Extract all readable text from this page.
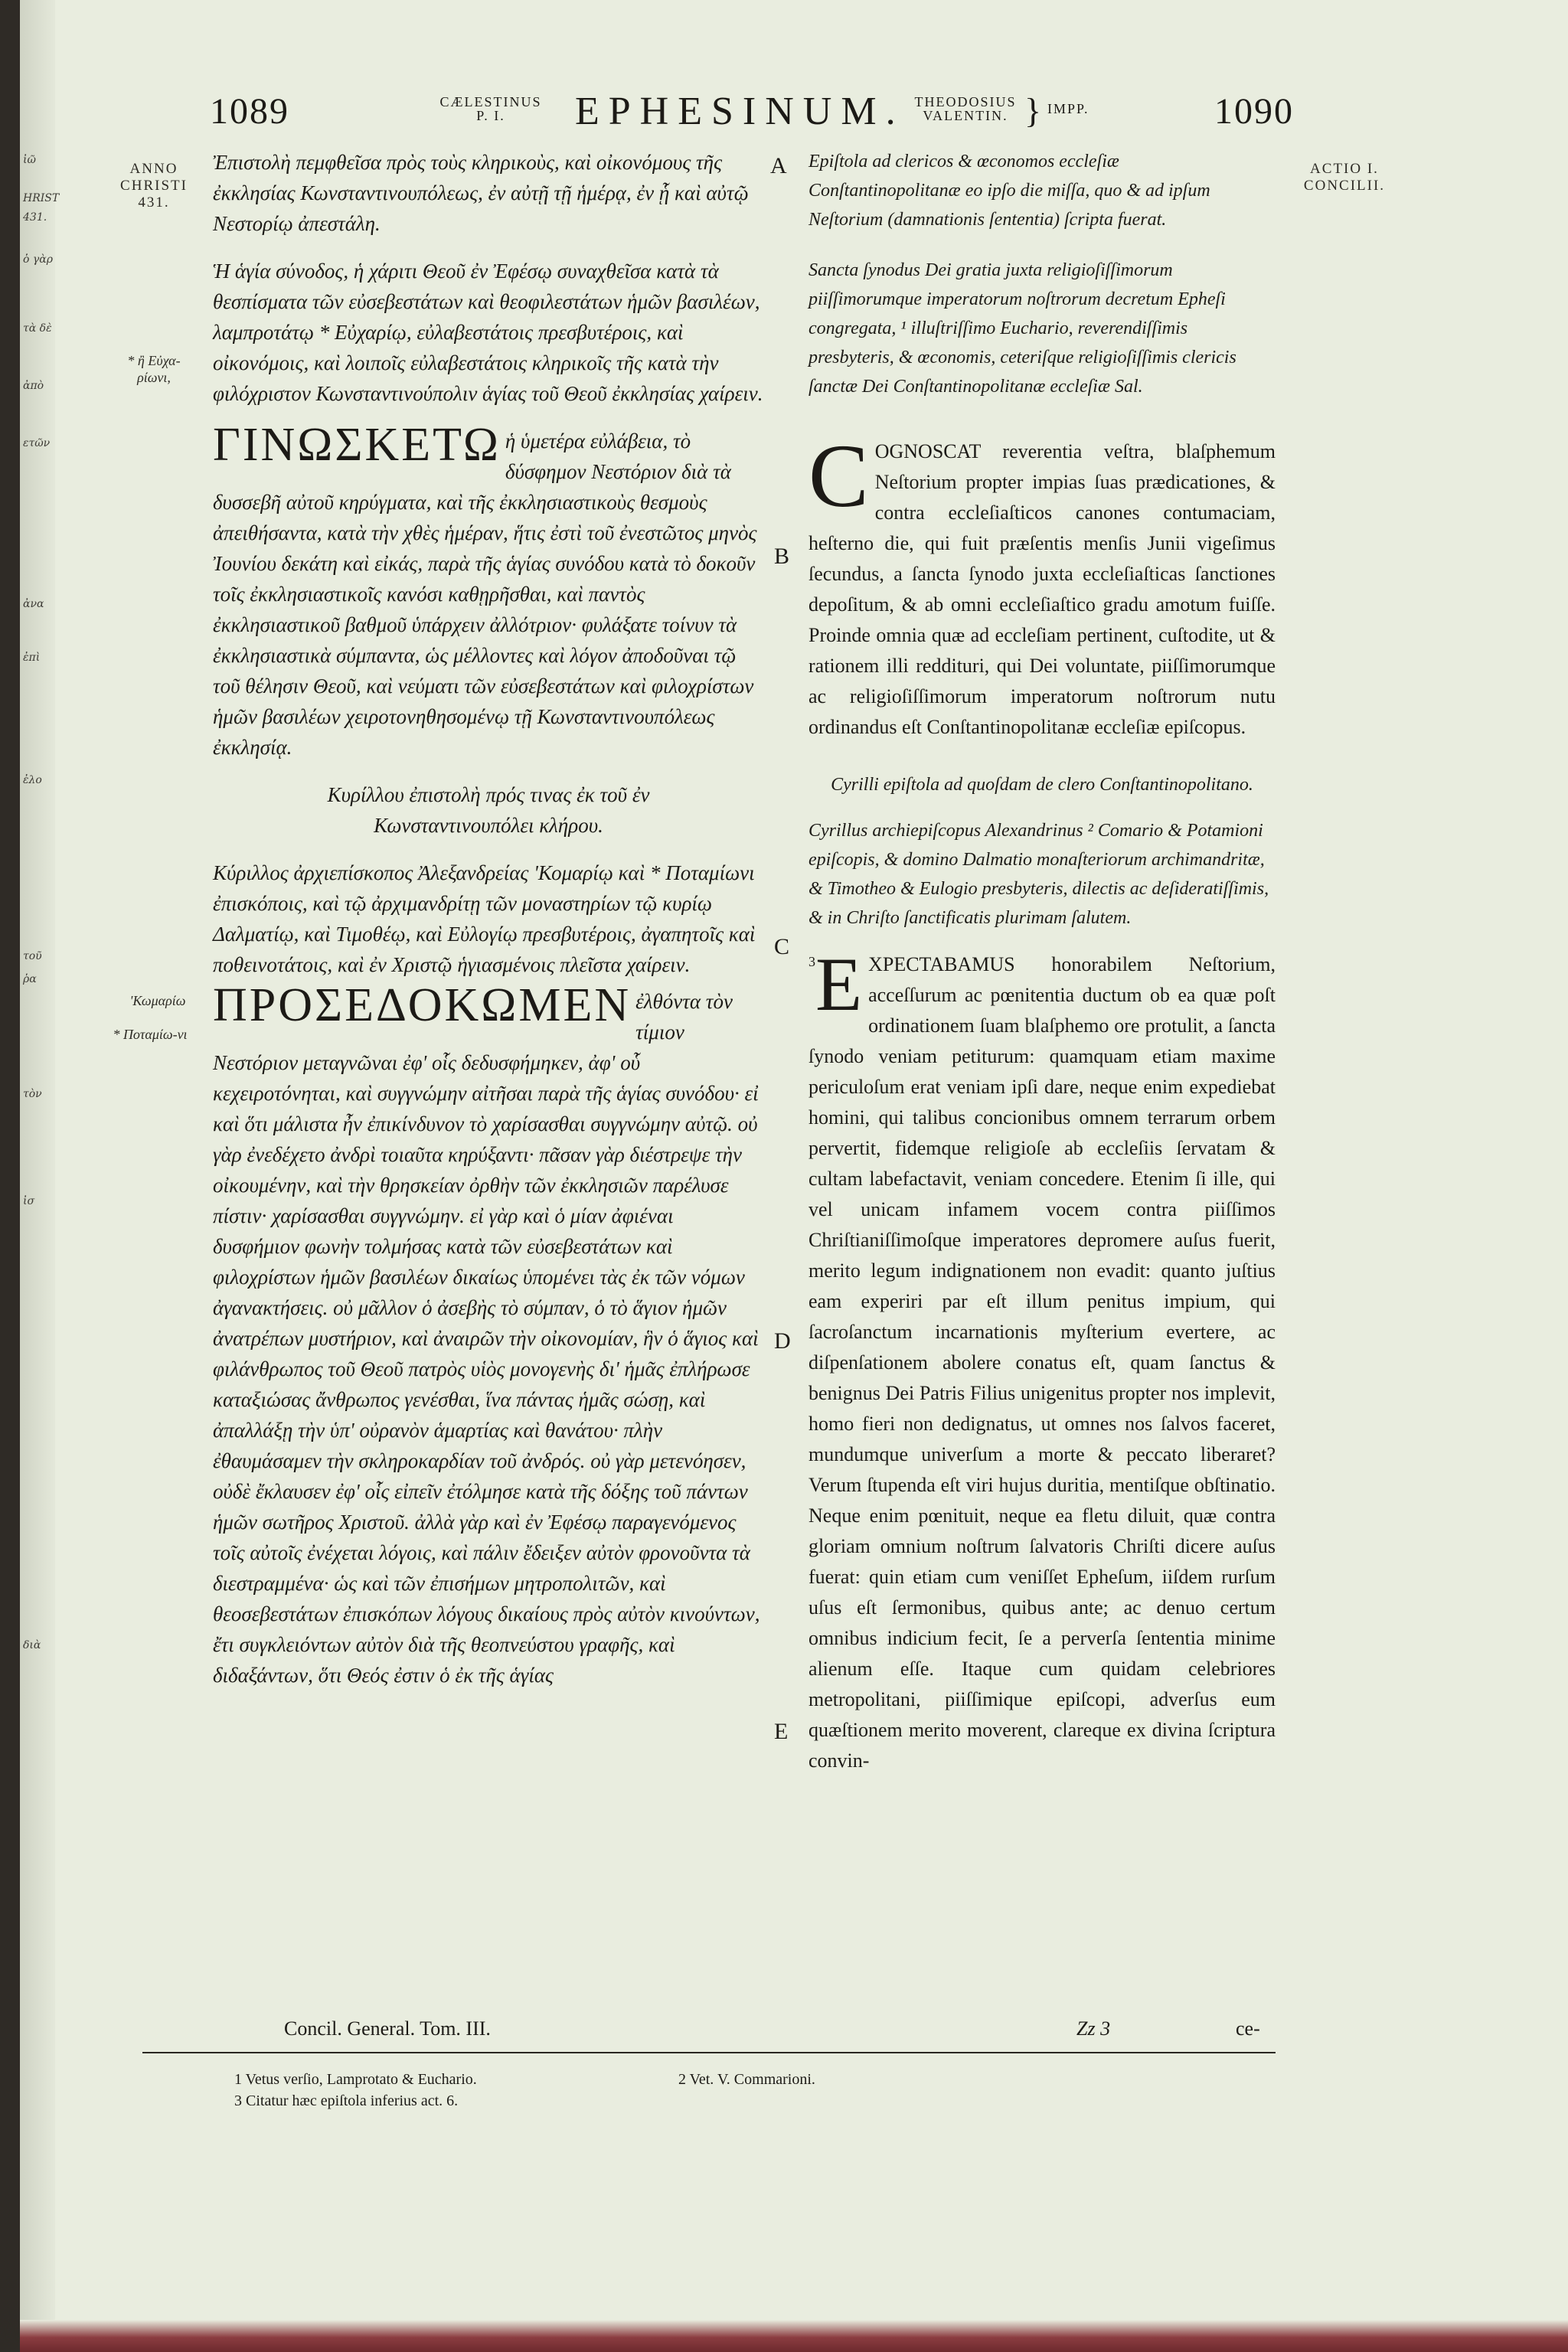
ἰῶ
HRIST
431.
ὁ γὰρ
τὰ δὲ
ἀπὸ
ετῶν
ἀνα
ἐπὶ
ἐλο
τοῦ
ῥα
τὸν
ἰσ
διὰ
1089	CÆLESTINUS
P. I.	EPHESINUM. THEODOSIUS
VALENTIN. } IMPP.	1090
ANNO CHRISTI 431.
* ἢ Εὐχα-ρίωνι,
'Κωμαρίω
* Ποταμίω-νι
ACTIO I. CONCILII.
A
B
C
D
E

Ἐπιστολὴ πεμφθεῖσα πρὸς τοὺς κληρικοὺς, καὶ οἰκονόμους τῆς ἐκκλησίας Κωνσταντινουπόλεως, ἐν αὐτῇ τῇ ἡμέρᾳ, ἐν ᾗ καὶ αὐτῷ Νεστορίῳ ἀπεστάλη.

Ἡ ἁγία σύνοδος, ἡ χάριτι Θεοῦ ἐν Ἐφέσῳ συναχθεῖσα κατὰ τὰ θεσπίσματα τῶν εὐσεβεστάτων καὶ θεοφιλεστάτων ἡμῶν βασιλέων, λαμπροτάτῳ * Εὐχαρίῳ, εὐλαβεστάτοις πρεσβυτέροις, καὶ οἰκονόμοις, καὶ λοιποῖς εὐλαβεστάτοις κληρικοῖς τῆς κατὰ τὴν φιλόχριστον Κωνσταντινούπολιν ἁγίας τοῦ Θεοῦ ἐκκλησίας χαίρειν.

ΓΙΝΩΣΚΕΤΩ ἡ ὑμετέρα εὐλάβεια, τὸ δύσφημον Νεστόριον διὰ τὰ δυσσεβῆ αὐτοῦ κηρύγματα, καὶ τῆς ἐκκλησιαστικοὺς θεσμοὺς ἀπειθήσαντα, κατὰ τὴν χθὲς ἡμέραν, ἥτις ἐστὶ τοῦ ἐνεστῶτος μηνὸς Ἰουνίου δεκάτη καὶ εἰκάς, παρὰ τῆς ἁγίας συνόδου κατὰ τὸ δοκοῦν τοῖς ἐκκλησιαστικοῖς κανόσι καθῃρῆσθαι, καὶ παντὸς ἐκκλησιαστικοῦ βαθμοῦ ὑπάρχειν ἀλλότριον· φυλάξατε τοίνυν τὰ ἐκκλησιαστικὰ σύμπαντα, ὡς μέλλοντες καὶ λόγον ἀποδοῦναι τῷ τοῦ θέλησιν Θεοῦ, καὶ νεύματι τῶν εὐσεβεστάτων καὶ φιλοχρίστων ἡμῶν βασιλέων χειροτονηθησομένῳ τῇ Κωνσταντινουπόλεως ἐκκλησίᾳ.

Κυρίλλου ἐπιστολὴ πρός τινας ἐκ τοῦ ἐν Κωνσταντινουπόλει κλήρου.

Κύριλλος ἀρχιεπίσκοπος Ἀλεξανδρείας 'Κομαρίῳ καὶ * Ποταμίωνι ἐπισκόποις, καὶ τῷ ἀρχιμανδρίτῃ τῶν μοναστηρίων τῷ κυρίῳ Δαλματίῳ, καὶ Τιμοθέῳ, καὶ Εὐλογίῳ πρεσβυτέροις, ἀγαπητοῖς καὶ ποθεινοτάτοις, καὶ ἐν Χριστῷ ἡγιασμένοις πλεῖστα χαίρειν.

ΠΡΟΣΕΔΟΚΩΜΕΝ ἐλθόντα τὸν τίμιον Νεστόριον μεταγνῶναι ἐφ' οἷς δεδυσφήμηκεν, ἀφ' οὗ κεχειροτόνηται, καὶ συγγνώμην αἰτῆσαι παρὰ τῆς ἁγίας συνόδου· εἰ καὶ ὅτι μάλιστα ἦν ἐπικίνδυνον τὸ χαρίσασθαι συγγνώμην αὐτῷ. οὐ γὰρ ἐνεδέχετο ἀνδρὶ τοιαῦτα κηρύξαντι· πᾶσαν γὰρ διέστρεψε τὴν οἰκουμένην, καὶ τὴν θρησκείαν ὀρθὴν τῶν ἐκκλησιῶν παρέλυσε πίστιν· χαρίσασθαι συγγνώμην. εἰ γὰρ καὶ ὁ μίαν ἀφιέναι δυσφήμιον φωνὴν τολμήσας κατὰ τῶν εὐσεβεστάτων καὶ φιλοχρίστων ἡμῶν βασιλέων δικαίως ὑπομένει τὰς ἐκ τῶν νόμων ἀγανακτήσεις. οὐ μᾶλλον ὁ ἀσεβὴς τὸ σύμπαν, ὁ τὸ ἅγιον ἡμῶν ἀνατρέπων μυστήριον, καὶ ἀναιρῶν τὴν οἰκονομίαν, ἣν ὁ ἅγιος καὶ φιλάνθρωπος τοῦ Θεοῦ πατρὸς υἱὸς μονογενὴς δι' ἡμᾶς ἐπλήρωσε καταξιώσας ἄνθρωπος γενέσθαι, ἵνα πάντας ἡμᾶς σώσῃ, καὶ ἀπαλλάξῃ τὴν ὑπ' οὐρανὸν ἁμαρτίας καὶ θανάτου· πλὴν ἐθαυμάσαμεν τὴν σκληροκαρδίαν τοῦ ἀνδρός. οὐ γὰρ μετενόησεν, οὐδὲ ἔκλαυσεν ἐφ' οἷς εἰπεῖν ἐτόλμησε κατὰ τῆς δόξης τοῦ πάντων ἡμῶν σωτῆρος Χριστοῦ. ἀλλὰ γὰρ καὶ ἐν Ἐφέσῳ παραγενόμενος τοῖς αὐτοῖς ἐνέχεται λόγοις, καὶ πάλιν ἔδειξεν αὐτὸν φρονοῦντα τὰ διεστραμμένα· ὡς καὶ τῶν ἐπισήμων μητροπολιτῶν, καὶ θεοσεβεστάτων ἐπισκόπων λόγους δικαίους πρὸς αὐτὸν κινούντων, ἔτι συγκλειόντων αὐτὸν διὰ τῆς θεοπνεύστου γραφῆς, καὶ διδαξάντων, ὅτι Θεός ἐστιν ὁ ἐκ τῆς ἁγίας

Epiſtola ad clericos & œconomos eccleſiæ Conſtantinopolitanæ eo ipſo die miſſa, quo & ad ipſum Neſtorium (damnationis ſententia) ſcripta fuerat.

Sancta ſynodus Dei gratia juxta religioſiſſimorum piiſſimorumque imperatorum noſtrorum decretum Epheſi congregata, ¹ illuſtriſſimo Euchario, reverendiſſimis presbyteris, & œconomis, ceteriſque religioſiſſimis clericis ſanctæ Dei Conſtantinopolitanæ eccleſiæ Sal.

COGNOSCAT reverentia veſtra, blaſphemum Neſtorium propter impias ſuas prædicationes, & contra eccleſiaſticos canones contumaciam, heſterno die, qui fuit præſentis menſis Junii vigeſimus ſecundus, a ſancta ſynodo juxta eccleſiaſticas ſanctiones depoſitum, & ab omni eccleſiaſtico gradu amotum fuiſſe. Proinde omnia quæ ad eccleſiam pertinent, cuſtodite, ut & rationem illi reddituri, qui Dei voluntate, piiſſimorumque ac religioſiſſimorum imperatorum noſtrorum nutu ordinandus eſt Conſtantinopolitanæ eccleſiæ epiſcopus.

Cyrilli epiſtola ad quoſdam de clero Conſtantinopolitano.

Cyrillus archiepiſcopus Alexandrinus ² Comario & Potamioni epiſcopis, & domino Dalmatio monaſteriorum archimandritæ, & Timotheo & Eulogio presbyteris, dilectis ac deſideratiſſimis, & in Chriſto ſanctificatis plurimam ſalutem.

3 E XPECTABAMUS honorabilem Neſtorium, acceſſurum ac pœnitentia ductum ob ea quæ poſt ordinationem ſuam blaſphemo ore protulit, a ſancta ſynodo veniam petiturum: quamquam etiam maxime periculoſum erat veniam ipſi dare, neque enim expediebat homini, qui talibus concionibus omnem terrarum orbem pervertit, fidemque religioſe ab eccleſiis ſervatam & cultam labefactavit, veniam concedere. Etenim ſi ille, qui vel unicam infamem vocem contra piiſſimos Chriſtianiſſimoſque imperatores depromere auſus fuerit, merito legum indignationem non evadit: quanto juſtius eam experiri par eſt illum penitus impium, qui ſacroſanctum incarnationis myſterium evertere, ac diſpenſationem abolere conatus eſt, quam ſanctus & benignus Dei Patris Filius unigenitus propter nos implevit, homo fieri non dedignatus, ut omnes nos ſalvos faceret, mundumque univerſum a morte & peccato liberaret? Verum ſtupenda eſt viri hujus duritia, mentiſque obſtinatio. Neque enim pœnituit, neque ea fletu diluit, quæ contra gloriam omnium noſtrum ſalvatoris Chriſti dicere auſus fuerat: quin etiam cum veniſſet Epheſum, iiſdem rurſum uſus eſt ſermonibus, quibus ante; ac denuo certum omnibus indicium fecit, ſe a perverſa ſententia minime alienum eſſe. Itaque cum quidam celebriores metropolitani, piiſſimique epiſcopi, adverſus eum quæſtionem merito moverent, clareque ex divina ſcriptura convin-

Concil. General. Tom. III.	Zz 3	ce-
1 Vetus verſio, Lamprotato & Euchario.	2 Vet. V. Commarioni.
3 Citatur hæc epiſtola inferius act. 6.
